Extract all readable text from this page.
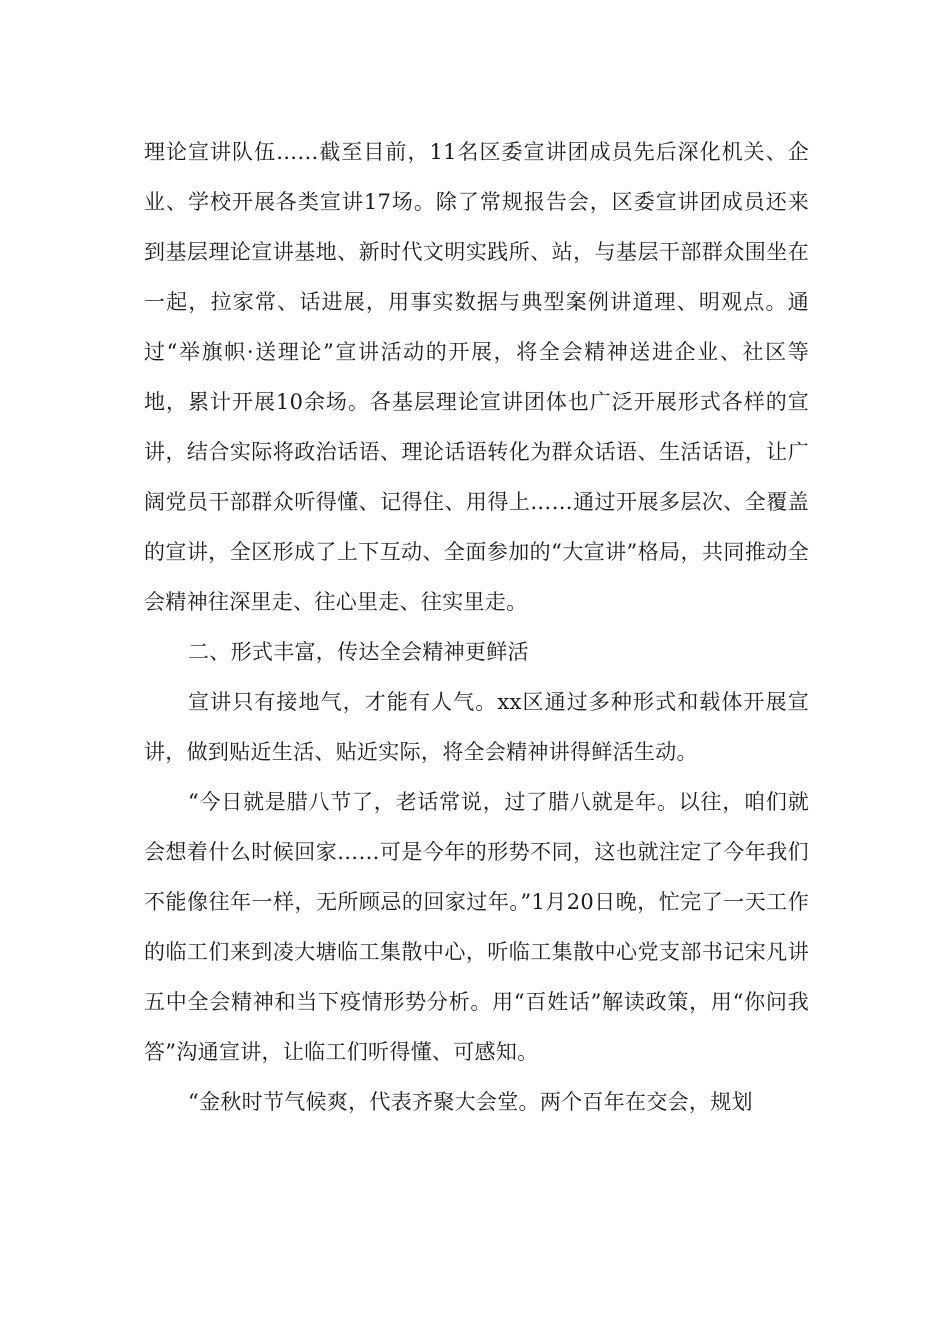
理论宣讲队伍……截至目前，11名区委宣讲团成员先后深化机关、企业、学校开展各类宣讲17场。除了常规报告会，区委宣讲团成员还来到基层理论宣讲基地、新时代文明实践所、站，与基层干部群众围坐在一起，拉家常、话进展，用事实数据与典型案例讲道理、明观点。通过“举旗帜·送理论”宣讲活动的开展，将全会精神送进企业、社区等地，累计开展10余场。各基层理论宣讲团体也广泛开展形式各样的宣讲，结合实际将政治话语、理论话语转化为群众话语、生活话语，让广阔党员干部群众听得懂、记得住、用得上……通过开展多层次、全覆盖的宣讲，全区形成了上下互动、全面参加的“大宣讲”格局，共同推动全会精神往深里走、往心里走、往实里走。

二、形式丰富，传达全会精神更鲜活

宣讲只有接地气，才能有人气。xx区通过多种形式和载体开展宣讲，做到贴近生活、贴近实际，将全会精神讲得鲜活生动。

“今日就是腊八节了，老话常说，过了腊八就是年。以往，咱们就会想着什么时候回家……可是今年的形势不同，这也就注定了今年我们不能像往年一样，无所顾忌的回家过年。”1月20日晚，忙完了一天工作的临工们来到凌大塘临工集散中心，听临工集散中心党支部书记宋凡讲五中全会精神和当下疫情形势分析。用“百姓话”解读政策，用“你问我答”沟通宣讲，让临工们听得懂、可感知。

“金秋时节气候爽，代表齐聚大会堂。两个百年在交会，规划
